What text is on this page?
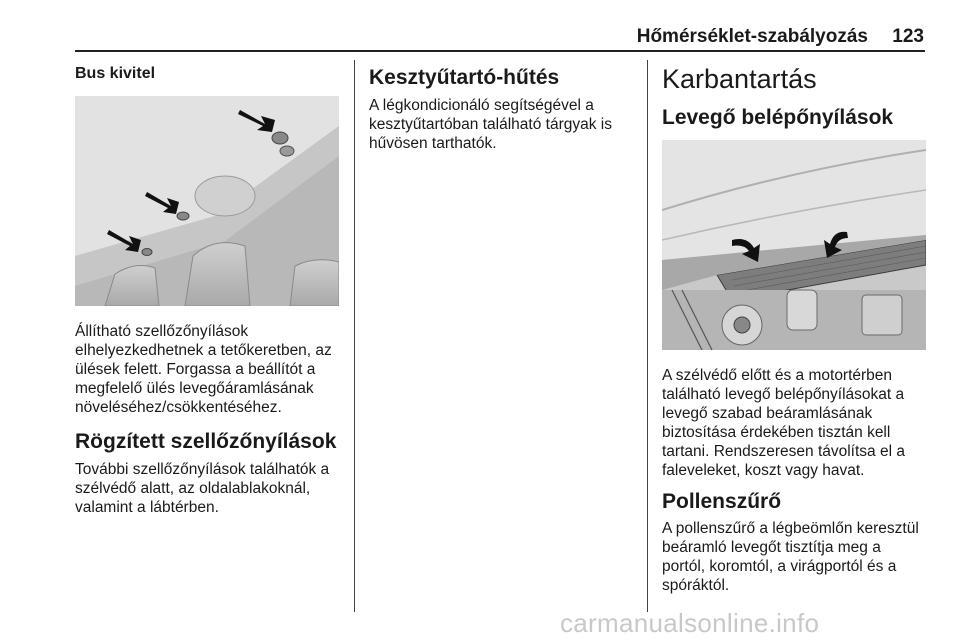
Hőmérséklet-szabályozás 123
Bus kivitel
Állítható szellőzőnyílások
elhelyezkedhetnek a tetőkeretben, az
ülések felett. Forgassa a beállítót a
megfelelő ülés levegőáramlásának
növeléséhez/csökkentéséhez.
Rögzített szellőzőnyílások
További szellőzőnyílások találhatók a
szélvédő alatt, az oldalablakoknál,
valamint a lábtérben.
Kesztyűtartó-hűtés
A légkondicionáló segítségével a
kesztyűtartóban található tárgyak is
hűvösen tarthatók.
Karbantartás
Levegő belépőnyílások
A szélvédő előtt és a motortérben
található levegő belépőnyílásokat a
levegő szabad beáramlásának
biztosítása érdekében tisztán kell
tartani. Rendszeresen távolítsa el a
faleveleket, koszt vagy havat.
Pollenszűrő
A pollenszűrő a légbeömlőn keresztül
beáramló levegőt tisztítja meg a
portól, koromtól, a virágportól és a
spóráktól.
carmanualsonline.info
